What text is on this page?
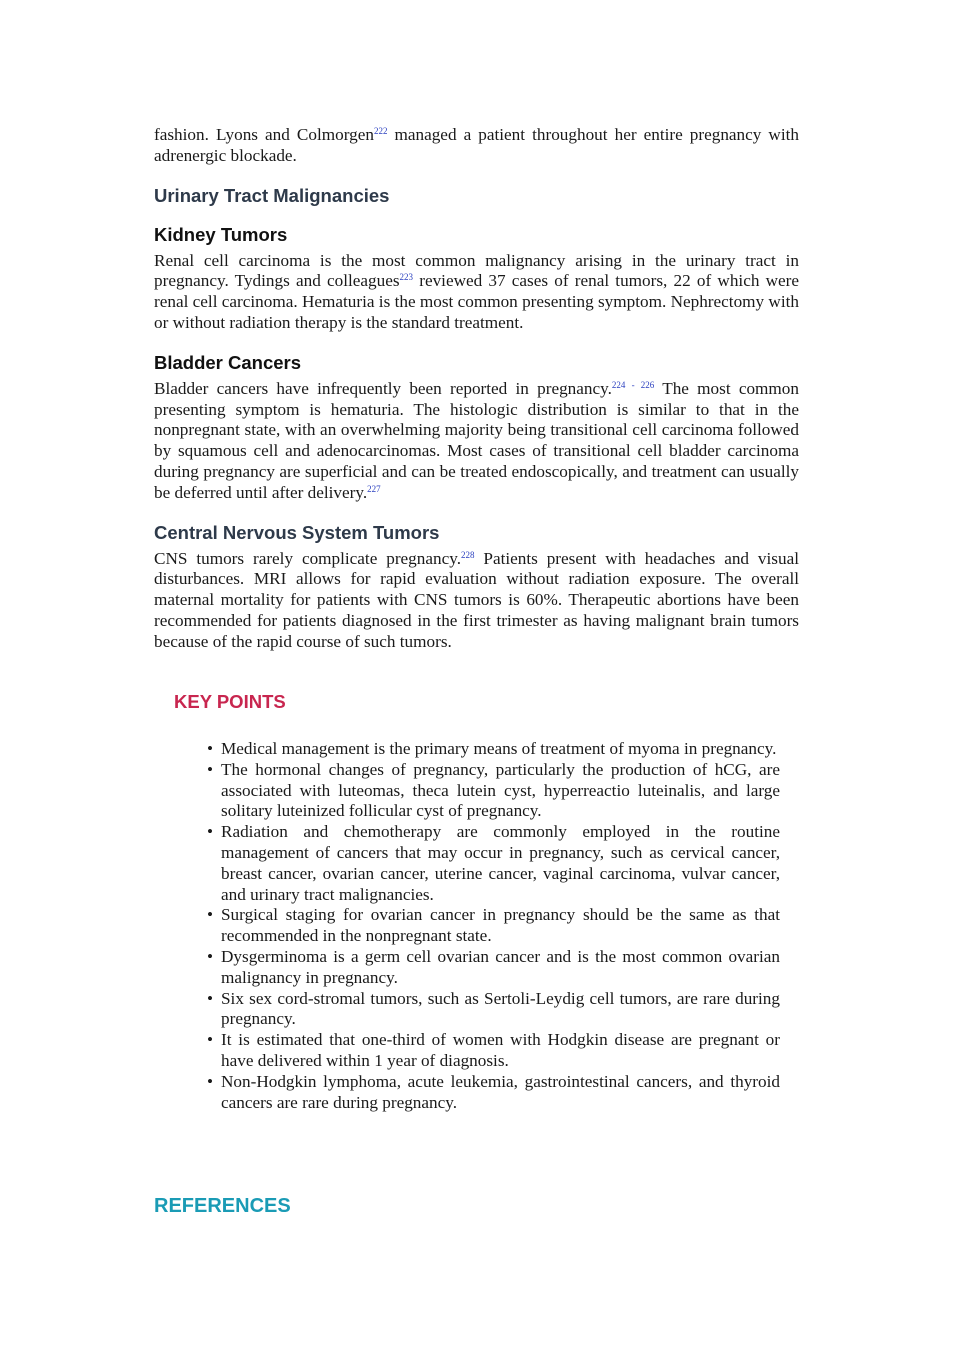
fashion. Lyons and Colmorgen$^{222}$ managed a patient throughout her entire pregnancy with adrenergic blockade.

Urinary Tract Malignancies
Kidney Tumors

Renal cell carcinoma is the most common malignancy arising in the urinary tract in pregnancy. Tydings and colleagues$^{223}$ reviewed 37 cases of renal tumors, 22 of which were renal cell carcinoma. Hematuria is the most common presenting symptom. Nephrectomy with or without radiation therapy is the standard treatment.

Bladder Cancers

Bladder cancers have infrequently been reported in pregnancy.$^{224 - 226}$ The most common presenting symptom is hematuria. The histologic distribution is similar to that in the nonpregnant state, with an overwhelming majority being transitional cell carcinoma followed by squamous cell and adenocarcinomas. Most cases of transitional cell bladder carcinoma during pregnancy are superficial and can be treated endoscopically, and treatment can usually be deferred until after delivery.$^{227}$

Central Nervous System Tumors

CNS tumors rarely complicate pregnancy.$^{228}$ Patients present with headaches and visual disturbances. MRI allows for rapid evaluation without radiation exposure. The overall maternal mortality for patients with CNS tumors is 60%. Therapeutic abortions have been recommended for patients diagnosed in the first trimester as having malignant brain tumors because of the rapid course of such tumors.

KEY POINTS
• Medical management is the primary means of treatment of myoma in pregnancy.
• The hormonal changes of pregnancy, particularly the production of hCG, are associated with luteomas, theca lutein cyst, hyperreactio luteinalis, and large solitary luteinized follicular cyst of pregnancy.
• Radiation and chemotherapy are commonly employed in the routine management of cancers that may occur in pregnancy, such as cervical cancer, breast cancer, ovarian cancer, uterine cancer, vaginal carcinoma, vulvar cancer, and urinary tract malignancies.
• Surgical staging for ovarian cancer in pregnancy should be the same as that recommended in the nonpregnant state.
• Dysgerminoma is a germ cell ovarian cancer and is the most common ovarian malignancy in pregnancy.
• Six sex cord-stromal tumors, such as Sertoli-Leydig cell tumors, are rare during pregnancy.
• It is estimated that one-third of women with Hodgkin disease are pregnant or have delivered within 1 year of diagnosis.
• Non-Hodgkin lymphoma, acute leukemia, gastrointestinal cancers, and thyroid cancers are rare during pregnancy.
REFERENCES
